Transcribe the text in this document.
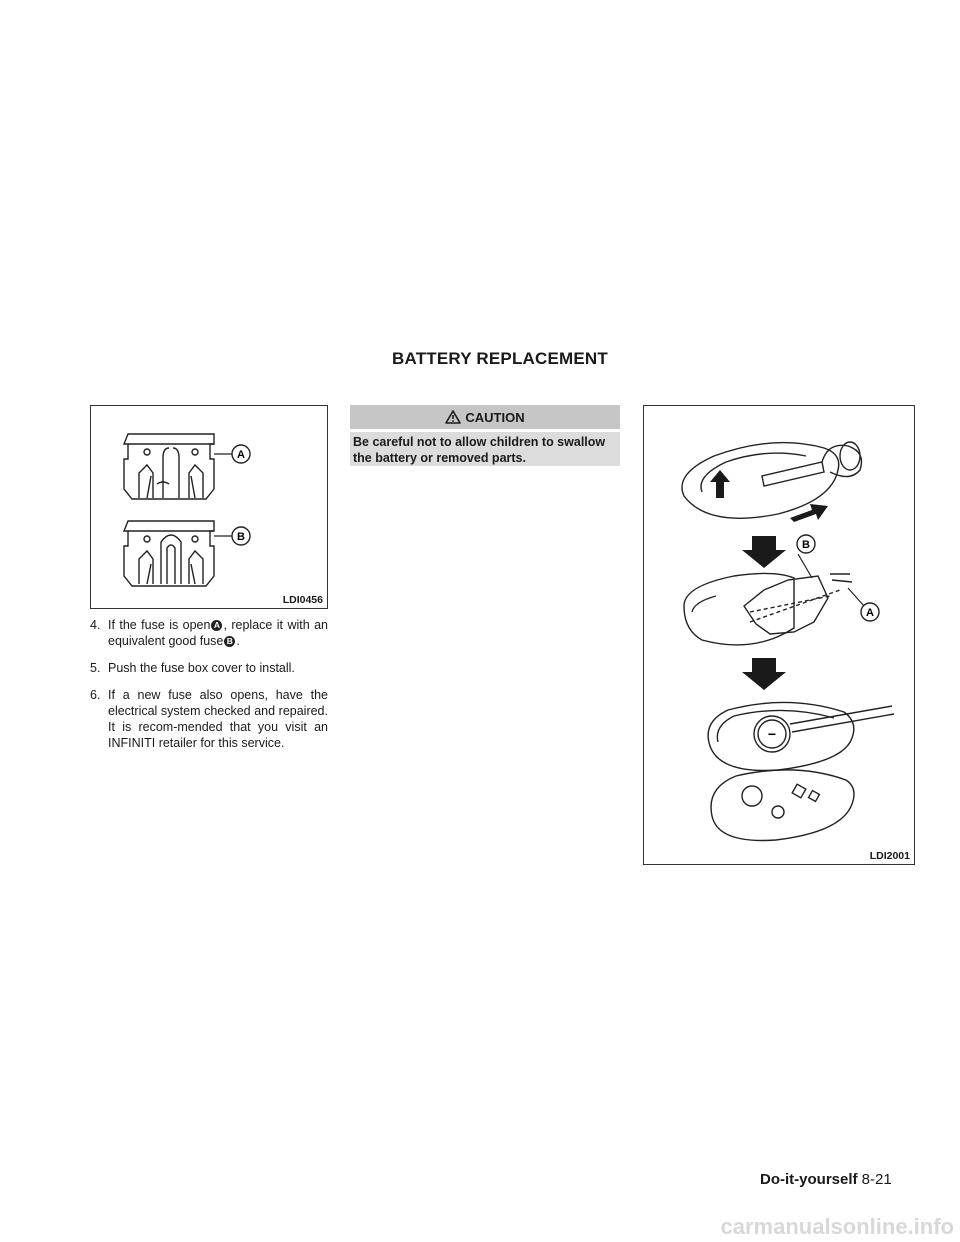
BATTERY REPLACEMENT
A
B
LDI0456
4. If the fuse is open A , replace it with an equivalent good fuse B .
5. Push the fuse box cover to install.
6. If a new fuse also opens, have the electrical system checked and repaired. It is recom-mended that you visit an INFINITI retailer for this service.
CAUTION
Be careful not to allow children to swallow the battery or removed parts.
B
A
−
LDI2001
Do-it-yourself 8-21
carmanualsonline.info
